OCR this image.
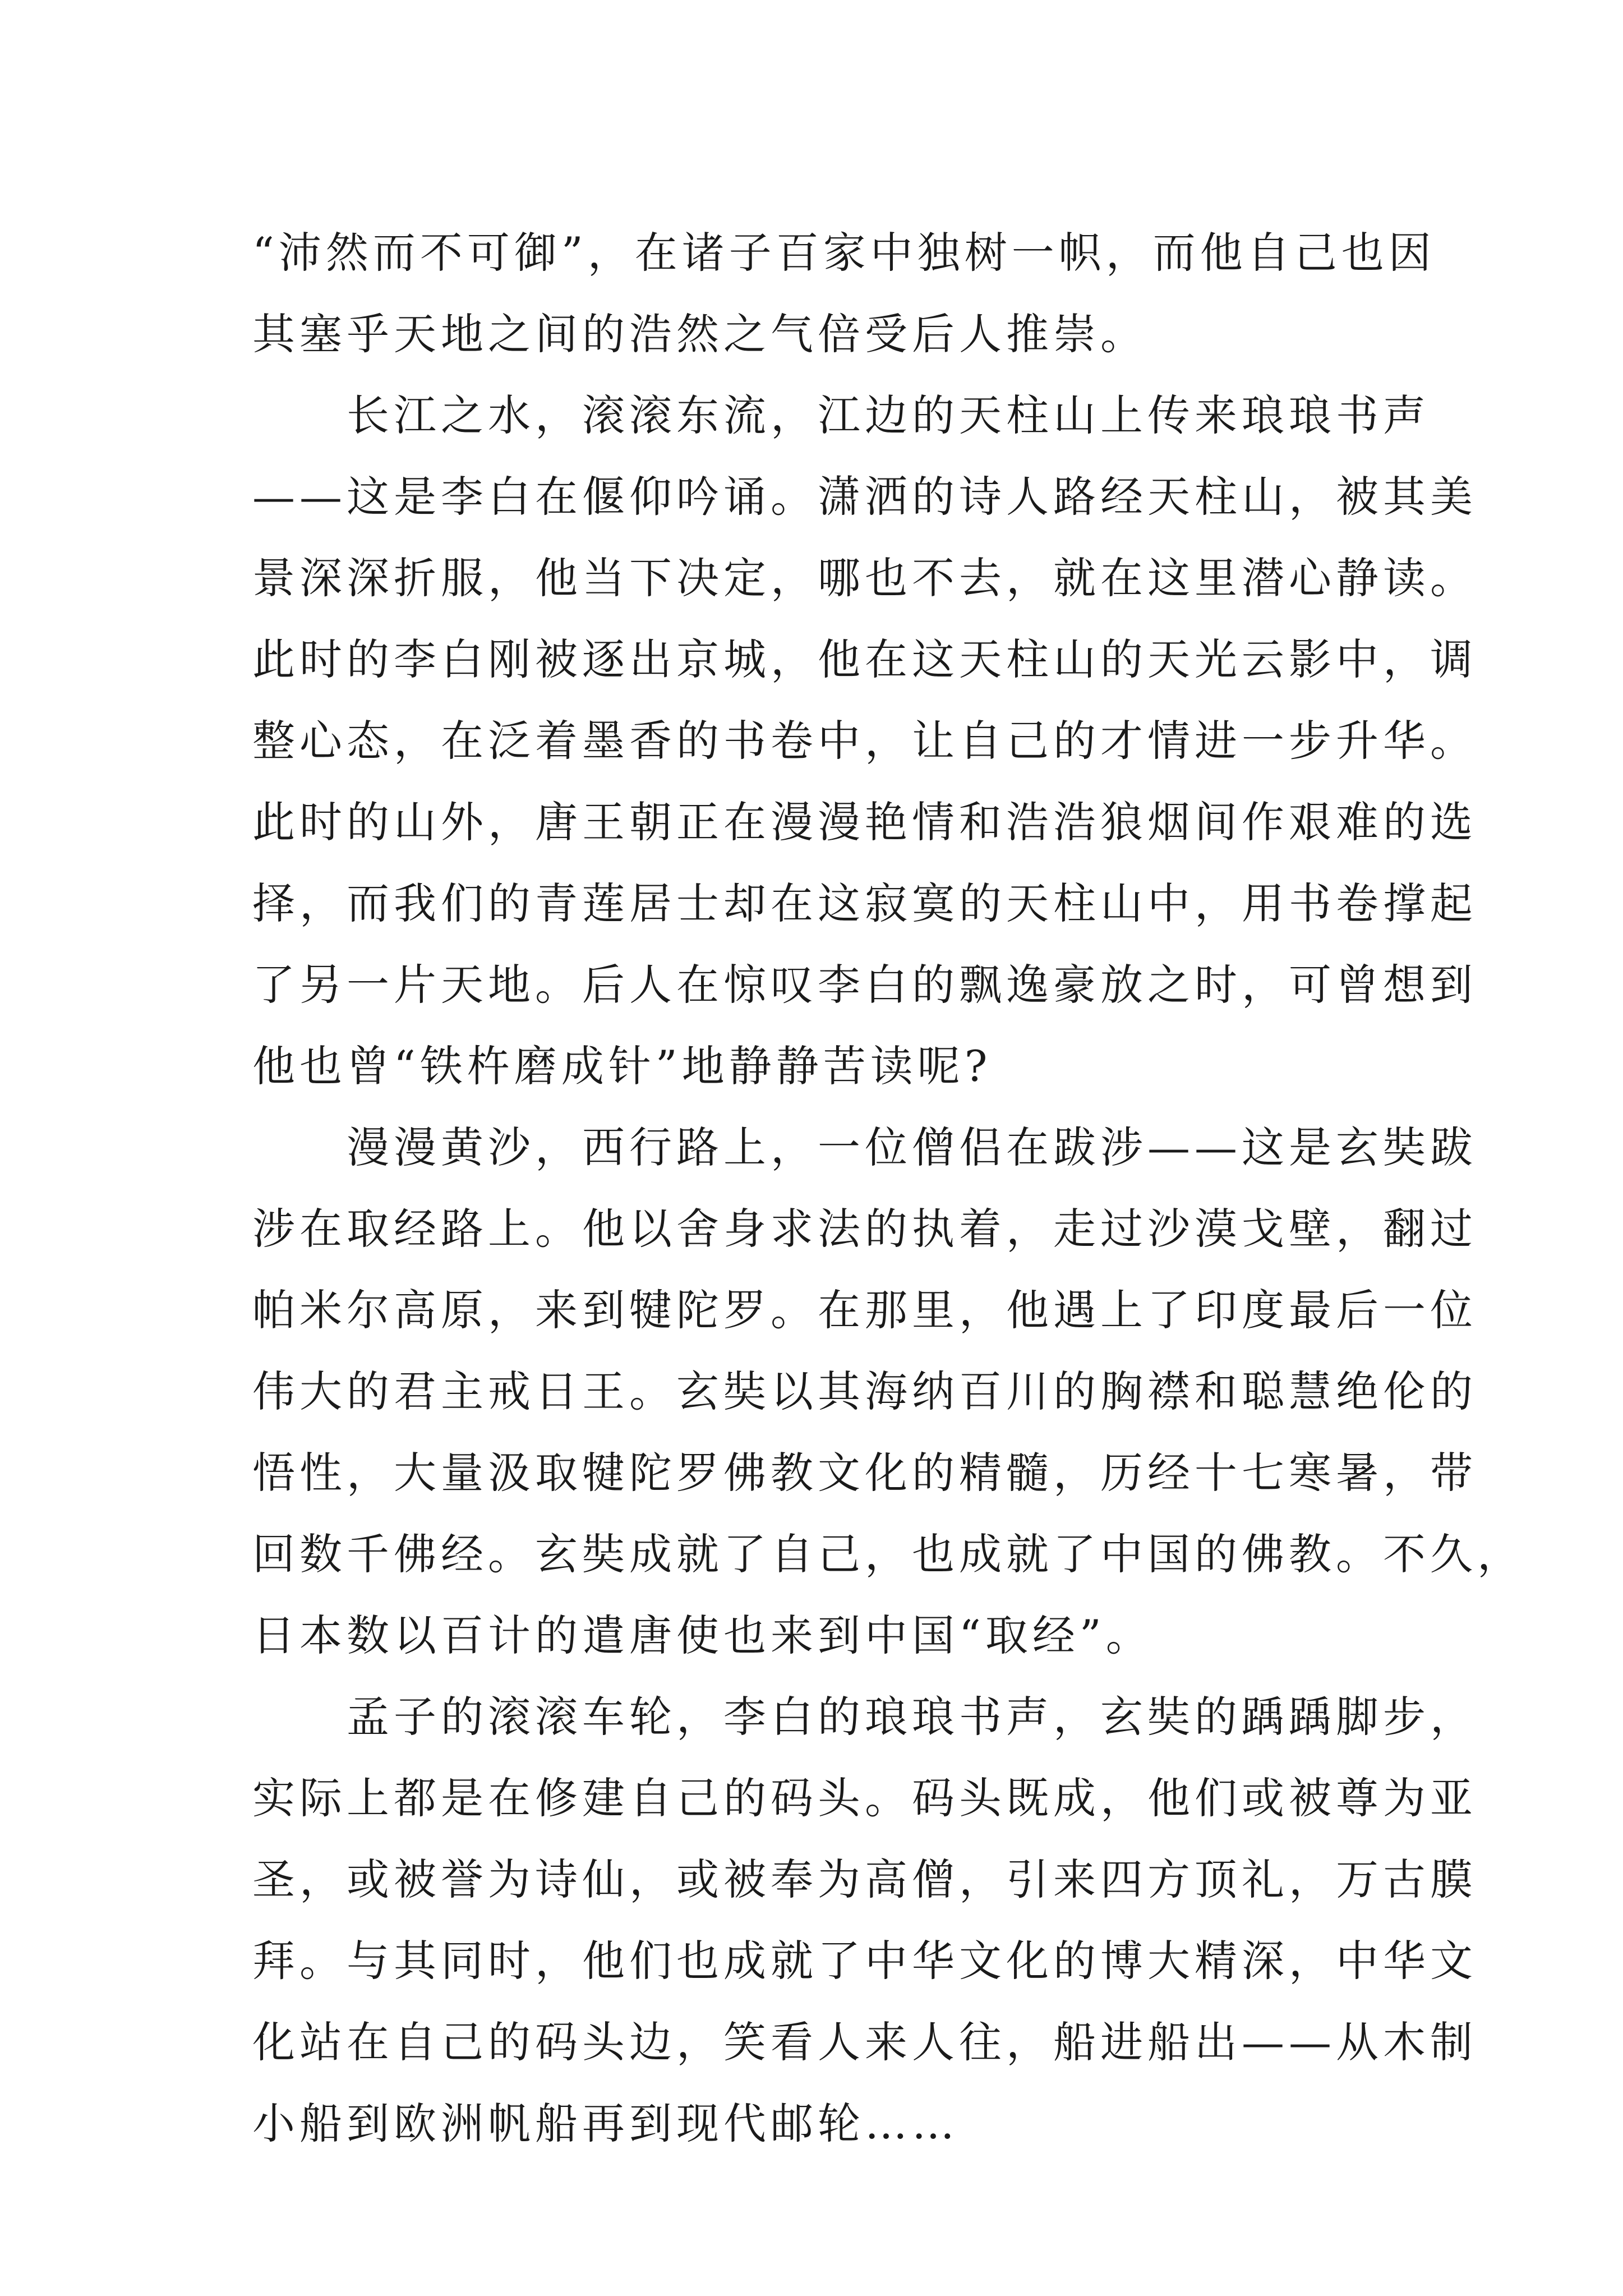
“沛然而不可御”，在诸子百家中独树一帜，而他自己也因
其塞乎天地之间的浩然之气倍受后人推崇。
　　长江之水，滚滚东流，江边的天柱山上传来琅琅书声
——这是李白在偃仰吟诵。潇洒的诗人路经天柱山，被其美
景深深折服，他当下决定，哪也不去，就在这里潜心静读。
此时的李白刚被逐出京城，他在这天柱山的天光云影中，调
整心态，在泛着墨香的书卷中，让自己的才情进一步升华。
此时的山外，唐王朝正在漫漫艳情和浩浩狼烟间作艰难的选
择，而我们的青莲居士却在这寂寞的天柱山中，用书卷撑起
了另一片天地。后人在惊叹李白的飘逸豪放之时，可曾想到
他也曾“铁杵磨成针”地静静苦读呢?
　　漫漫黄沙，西行路上，一位僧侣在跋涉——这是玄奘跋
涉在取经路上。他以舍身求法的执着，走过沙漠戈壁，翻过
帕米尔高原，来到犍陀罗。在那里，他遇上了印度最后一位
伟大的君主戒日王。玄奘以其海纳百川的胸襟和聪慧绝伦的
悟性，大量汲取犍陀罗佛教文化的精髓，历经十七寒暑，带
回数千佛经。玄奘成就了自己，也成就了中国的佛教。不久，
日本数以百计的遣唐使也来到中国“取经”。
　　孟子的滚滚车轮，李白的琅琅书声，玄奘的踽踽脚步，
实际上都是在修建自己的码头。码头既成，他们或被尊为亚
圣，或被誉为诗仙，或被奉为高僧，引来四方顶礼，万古膜
拜。与其同时，他们也成就了中华文化的博大精深，中华文
化站在自己的码头边，笑看人来人往，船进船出——从木制
小船到欧洲帆船再到现代邮轮……
